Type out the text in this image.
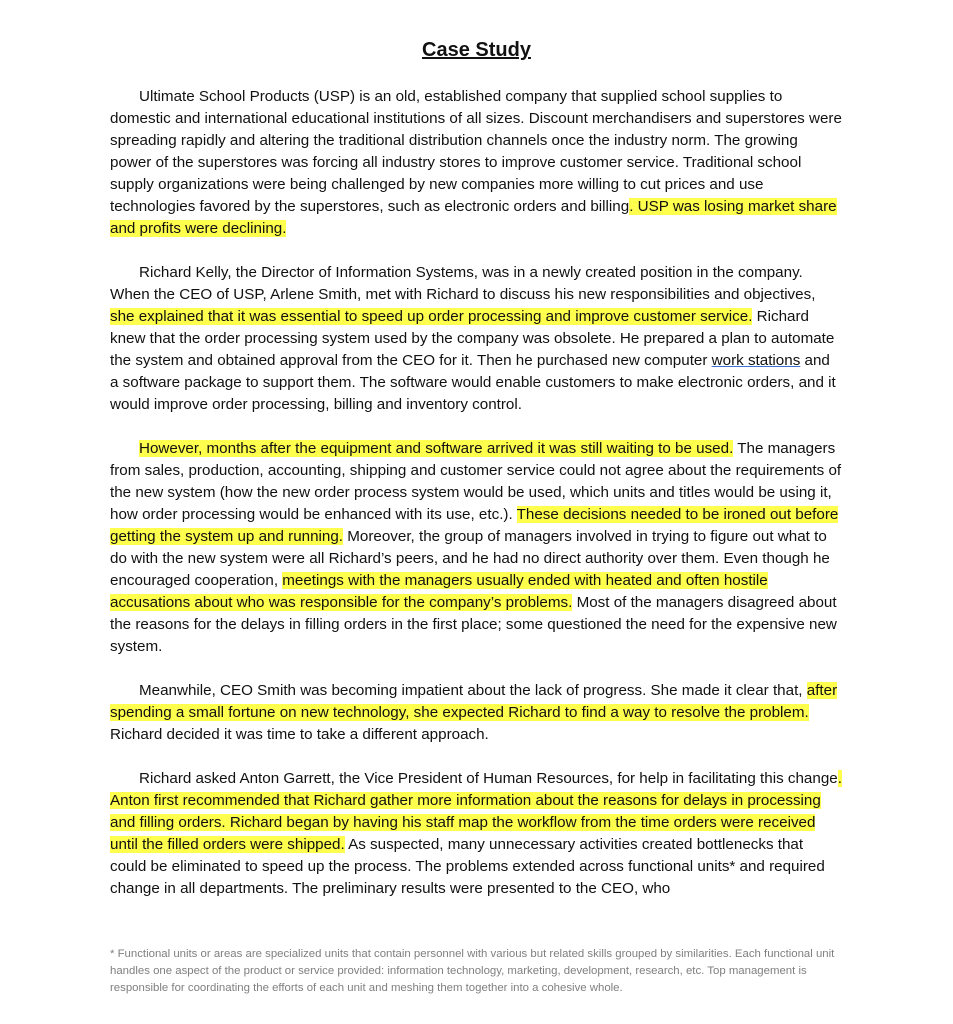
Case Study

Ultimate School Products (USP) is an old, established company that supplied school supplies to domestic and international educational institutions of all sizes. Discount merchandisers and superstores were spreading rapidly and altering the traditional distribution channels once the industry norm. The growing power of the superstores was forcing all industry stores to improve customer service. Traditional school supply organizations were being challenged by new companies more willing to cut prices and use technologies favored by the superstores, such as electronic orders and billing. USP was losing market share and profits were declining.

Richard Kelly, the Director of Information Systems, was in a newly created position in the company. When the CEO of USP, Arlene Smith, met with Richard to discuss his new responsibilities and objectives, she explained that it was essential to speed up order processing and improve customer service. Richard knew that the order processing system used by the company was obsolete. He prepared a plan to automate the system and obtained approval from the CEO for it. Then he purchased new computer work stations and a software package to support them. The software would enable customers to make electronic orders, and it would improve order processing, billing and inventory control.

However, months after the equipment and software arrived it was still waiting to be used. The managers from sales, production, accounting, shipping and customer service could not agree about the requirements of the new system (how the new order process system would be used, which units and titles would be using it, how order processing would be enhanced with its use, etc.). These decisions needed to be ironed out before getting the system up and running. Moreover, the group of managers involved in trying to figure out what to do with the new system were all Richard’s peers, and he had no direct authority over them. Even though he encouraged cooperation, meetings with the managers usually ended with heated and often hostile accusations about who was responsible for the company’s problems. Most of the managers disagreed about the reasons for the delays in filling orders in the first place; some questioned the need for the expensive new system.

Meanwhile, CEO Smith was becoming impatient about the lack of progress. She made it clear that, after spending a small fortune on new technology, she expected Richard to find a way to resolve the problem. Richard decided it was time to take a different approach.

Richard asked Anton Garrett, the Vice President of Human Resources, for help in facilitating this change. Anton first recommended that Richard gather more information about the reasons for delays in processing and filling orders. Richard began by having his staff map the workflow from the time orders were received until the filled orders were shipped. As suspected, many unnecessary activities created bottlenecks that could be eliminated to speed up the process. The problems extended across functional units* and required change in all departments. The preliminary results were presented to the CEO, who

* Functional units or areas are specialized units that contain personnel with various but related skills grouped by similarities. Each functional unit handles one aspect of the product or service provided: information technology, marketing, development, research, etc. Top management is responsible for coordinating the efforts of each unit and meshing them together into a cohesive whole.
